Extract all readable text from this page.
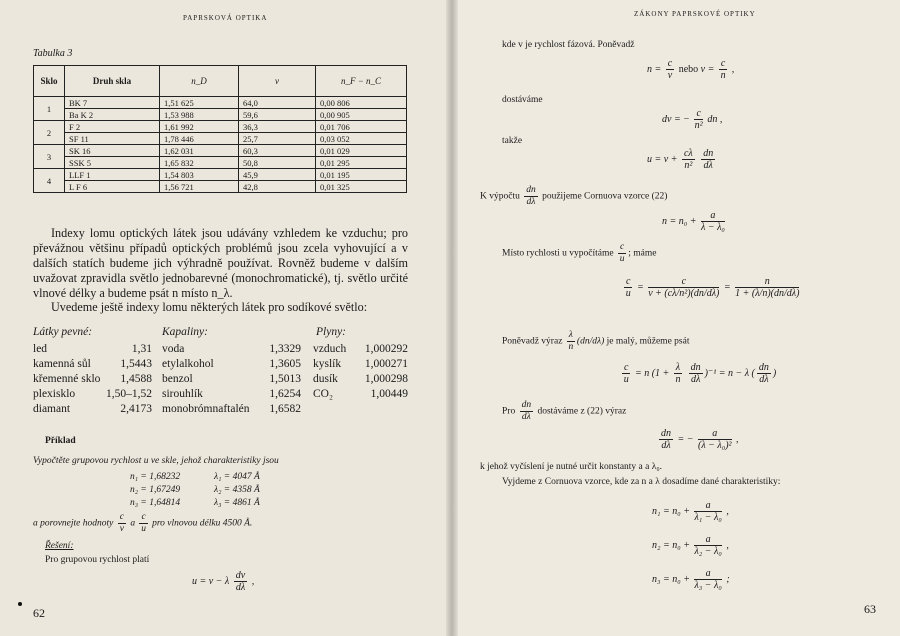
PAPRSKOVÁ OPTIKA
Tabulka 3
Sklo	Druh skla	n_D	ν	n_F − n_C
1	BK 7	1,51 625	64,0	0,00 806
	Ba K 2	1,53 988	59,6	0,00 905
2	F 2	1,61 992	36,3	0,01 706
	SF 11	1,78 446	25,7	0,03 052
3	SK 16	1,62 031	60,3	0,01 029
	SSK 5	1,65 832	50,8	0,01 295
4	LLF 1	1,54 803	45,9	0,01 195
	L F 6	1,56 721	42,8	0,01 325
Indexy lomu optických látek jsou udávány vzhledem ke vzduchu; pro převážnou většinu případů optických problémů jsou zcela vyhovující a v dalších statích budeme jich výhradně používat. Rovněž budeme v dalším uvažovat zpravidla světlo jednobarevné (monochromatické), tj. světlo určité vlnové délky a budeme psát n místo n_λ.
Uvedeme ještě indexy lomu některých látek pro sodíkové světlo:
Látky pevné:	Kapaliny:	Plyny:
led	1,31
kamenná sůl	1,5443
křemenné sklo	1,4588
plexisklo	1,50–1,52
diamant	2,4173
voda	1,3329
etylalkohol	1,3605
benzol	1,5013
sirouhlík	1,6254
monobrómnaftalén	1,6582
vzduch	1,000292
kyslík	1,000271
dusík	1,000298
CO₂	1,00449
Příklad
Vypočtěte grupovou rychlost u ve skle, jehož charakteristiky jsou
n₁ = 1,68232
n₂ = 1,67249
n₃ = 1,64814
λ₁ = 4047 Å
λ₂ = 4358 Å
λ₃ = 4861 Å
a porovnejte hodnoty $\frac{c}{v}$ a $\frac{c}{u}$ pro vlnovou délku 4500 Å.
Řešení:
Pro grupovou rychlost platí
u = v − λ $\frac{dv}{d\lambda}$ ,
62
ZÁKONY PAPRSKOVÉ OPTIKY
kde v je rychlost fázová. Poněvadž
$n = \frac{c}{v}$ nebo $v = \frac{c}{n}$ ,
dostáváme
dv = − $\frac{c}{\text{n²}}$ dn ,
takže
$u = v + \frac{c\lambda}{\text{n²}}$
$\frac{dn}{d\lambda}$
K výpočtu $\frac{dn}{d\lambda}$ použijeme Cornuova vzorce (22)
$n = n_0 + \frac{a}{\text{λ − λ₀}}$
Místo rychlosti u vypočítáme $\frac{c}{u}$ ; máme
$\frac{c}{u} = \frac{c}{\text{v + (cλ/n²)(dn/dλ)}} = \frac{n}{1 + (\lambda/n)(dn/d\lambda)}$
Poněvadž výraz $\frac{\lambda}{n} (dn/d\lambda)$ je malý, můžeme psát
$\frac{c}{u} = n$ ($1 + \frac{\lambda}{n}$
$\frac{dn}{d\lambda} )^{-1} = n - \lambda$ ( $\frac{dn}{d\lambda}$ )
Pro $\frac{dn}{d\lambda}$ dostáváme z (22) výraz
$\frac{dn}{d\lambda}$ = − $\frac{a}{\text{(λ − λ₀)²}}$ ,
k jehož vyčíslení je nutné určit konstanty a a λ₀.
Vyjdeme z Cornuova vzorce, kde za n a λ dosadíme dané charakteristiky:
$n_1 = n_0 + \frac{a}{\text{λ₁ − λ₀}}$ ,
$n_2 = n_0 + \frac{a}{\text{λ₂ − λ₀}}$ ,
$n_3 = n_0 + \frac{a}{\text{λ₃ − λ₀}}$ ;
63
